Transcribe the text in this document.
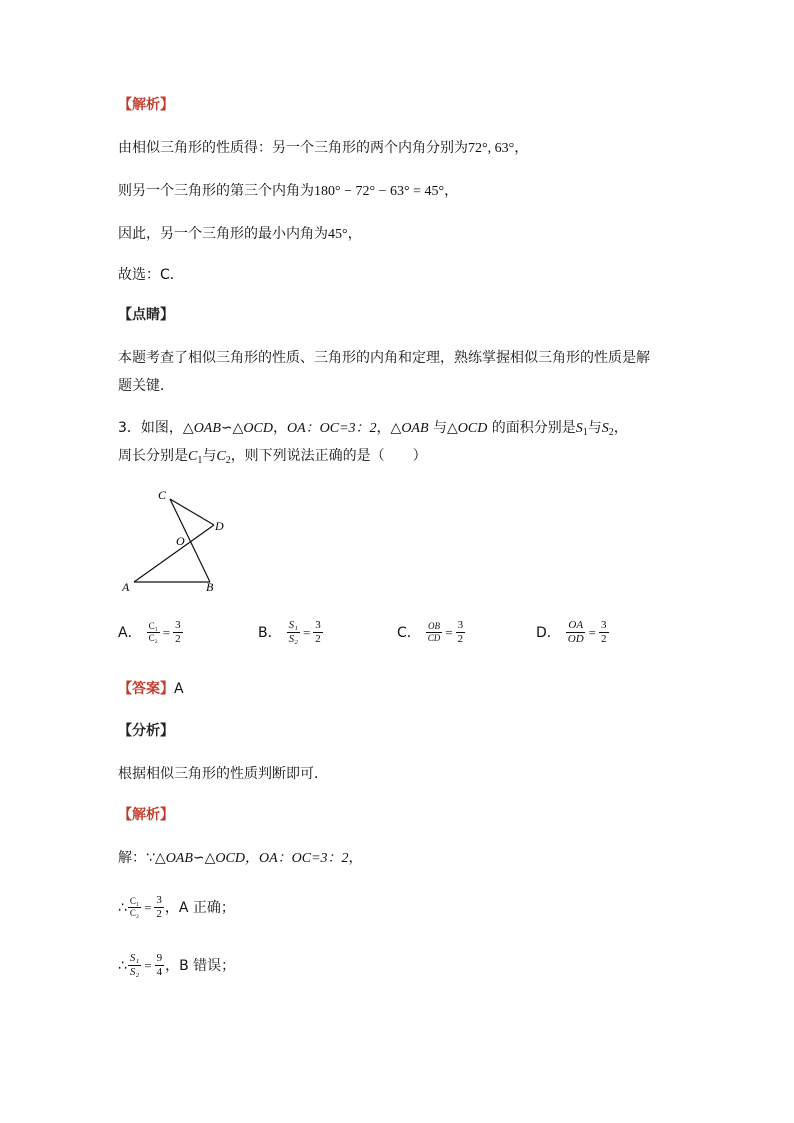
【解析】
由相似三角形的性质得：另一个三角形的两个内角分别为72°, 63°，
则另一个三角形的第三个内角为180° − 72° − 63° = 45°，
因此，另一个三角形的最小内角为45°，
故选：C．
【点睛】
本题考查了相似三角形的性质、三角形的内角和定理，熟练掌握相似三角形的性质是解
题关键．
3．如图，△OAB∽△OCD，OA：OC=3：2，△OAB 与△OCD 的面积分别是$S_1$与$S_2$，
周长分别是$C_1$与$C_2$，则下列说法正确的是（　　）
C
D
O
A	B
A． $\frac{\text{C₁}}{\text{C₂}} = \frac{3}{2}$	B． $\frac{\text{S₁}}{\text{S₂}} = \frac{3}{2}$	C． $\frac{OB}{CD} = \frac{3}{2}$	D． $\frac{OA}{OD} = \frac{3}{2}$
【答案】A
【分析】
根据相似三角形的性质判断即可．
【解析】
解：∵△OAB∽△OCD，OA：OC=3：2，
∴ $\frac{\text{C₁}}{\text{C₂}} = \frac{3}{2}$ ，A 正确；
∴ $\frac{\text{S₁}}{\text{S₂}} = \frac{9}{4}$ ，B 错误；
